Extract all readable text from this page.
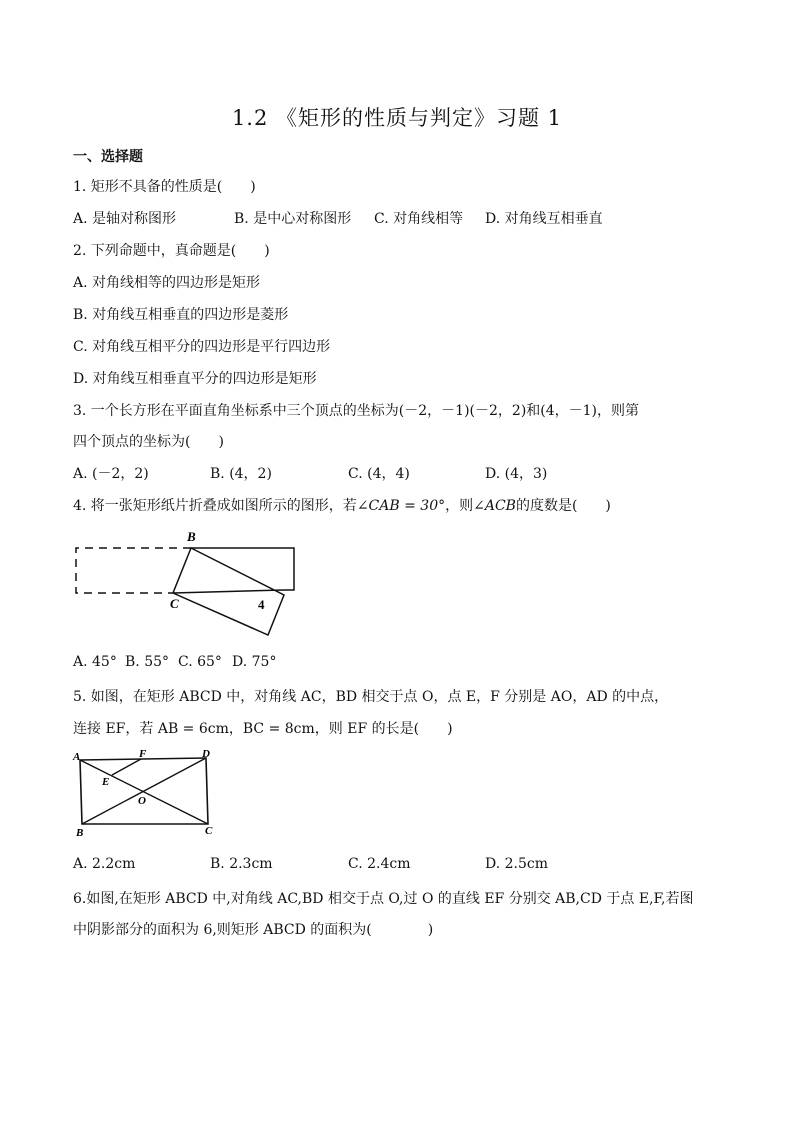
1.2 《矩形的性质与判定》习题 1
一、选择题
1. 矩形不具备的性质是(　　)
A. 是轴对称图形	B. 是中心对称图形 C. 对角线相等 D. 对角线互相垂直
2. 下列命题中，真命题是(　　)
A. 对角线相等的四边形是矩形
B. 对角线互相垂直的四边形是菱形
C. 对角线互相平分的四边形是平行四边形
D. 对角线互相垂直平分的四边形是矩形
3. 一个长方形在平面直角坐标系中三个顶点的坐标为(－2，－1)(－2，2)和(4，－1)，则第
四个顶点的坐标为(　　)
A. (－2，2)	B. (4，2)	C. (4，4)	D. (4，3)
4. 将一张矩形纸片折叠成如图所示的图形，若∠CAB = 30°，则∠ACB的度数是(　　)
B
C	4
A. 45° B. 55° C. 65° D. 75°
5. 如图，在矩形 ABCD 中，对角线 AC，BD 相交于点 O，点 E，F 分别是 AO，AD 的中点，
连接 EF，若 AB = 6cm，BC = 8cm，则 EF 的长是(　　)
A	F	D
E
O
B	C
A. 2.2cm	B. 2.3cm	C. 2.4cm	D. 2.5cm
6.如图,在矩形 ABCD 中,对角线 AC,BD 相交于点 O,过 O 的直线 EF 分别交 AB,CD 于点 E,F,若图
中阴影部分的面积为 6,则矩形 ABCD 的面积为(　　　　)
